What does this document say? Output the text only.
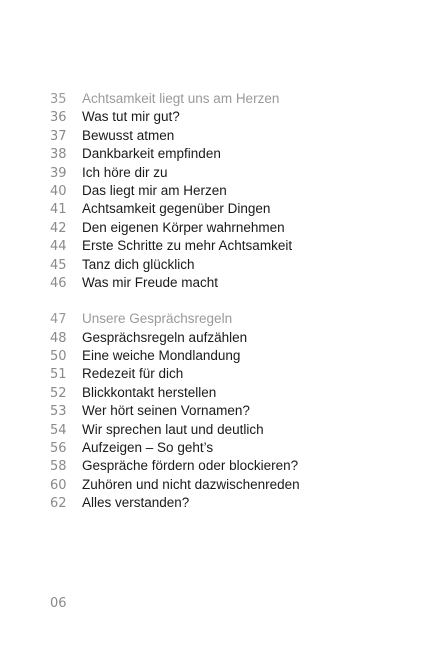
35	Achtsamkeit liegt uns am Herzen
36	Was tut mir gut?
37	Bewusst atmen
38	Dankbarkeit empfinden
39	Ich höre dir zu
40	Das liegt mir am Herzen
41	Achtsamkeit gegenüber Dingen
42	Den eigenen Körper wahrnehmen
44	Erste Schritte zu mehr Achtsamkeit
45	Tanz dich glücklich
46	Was mir Freude macht
47	Unsere Gesprächsregeln
48	Gesprächsregeln aufzählen
50	Eine weiche Mondlandung
51	Redezeit für dich
52	Blickkontakt herstellen
53	Wer hört seinen Vornamen?
54	Wir sprechen laut und deutlich
56	Aufzeigen – So geht’s
58	Gespräche fördern oder blockieren?
60	Zuhören und nicht dazwischenreden
62	Alles verstanden?
06
